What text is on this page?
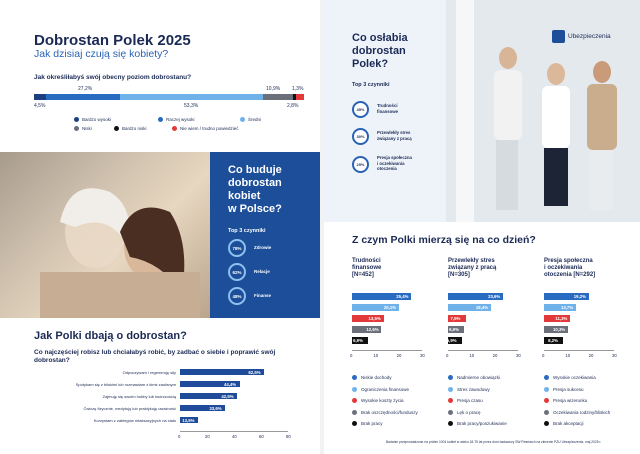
Dobrostan Polek 2025
Jak dzisiaj czują się kobiety?
Jak określiłabyś swój obecny poziom dobrostanu?
27,2%	10,9% 1,3%
4,5%	53,3%	2,8%
Bardzo wysoki	Raczej wysoki	Średni
Niski	Bardzo niski	Nie wiem / trudno powiedzieć
Co buduje
dobrostan
kobiet
w Polsce?
Top 3 czynniki
78%	Zdrowie
62%	Relacje
48%	Finanse
Jak Polki dbają o dobrostan?
Co najczęściej robisz lub chciałabyś robić, by zadbać o siebie i poprawić swój dobrostan?
Odpoczywam i regeneruję siły	62,5%
Spotykam się z bliskimi lub rozmawiam z kimś zaufanym	44,4%
Zajmuję się swoim hobby lub twórczością	42,5%
Ćwiczę fizycznie, medytuję lub praktykuję uważność	33,6%
Korzystam z zabiegów relaksacyjnych na ciało 13,5%
0	20	40	60	80
Ubezpieczenia
Co osłabia
dobrostan
Polek?
Top 3 czynniki
45%
Trudności
finansowe
30%
Przewlekły stres
związany z pracą
29%
Presja społeczna
i oczekiwania
otoczenia
Z czym Polki mierzą się na co dzień?
Trudności
finansowe
[N=452]
Przewlekły stres
związany z pracą
[N=305]
Presja społeczna
i oczekiwania
otoczenia [N=292]
25,4%
20,1%
13,5%
12,6%
6,9%
0	10	20	30
23,6%
18,4%
7,5%
6,9%
5,9%
0	10	20	30
19,2%
13,7%
11,3%
10,3%
8,2%
0	10	20	30
Niskie dochody
Ograniczenia finansowe
Wysokie koszty życia
Brak oszczędności/funduszy
Brak pracy
Nadmierne obowiązki
Stres zawodowy
Presja czasu
Lęk o pracę
Brak pracy/poszukiwanie
Wysokie oczekiwania
Presja sukcesu
Presja wizerunku
Oczekiwania rodziny/bliskich
Brak akceptacji
Badanie przeprowadzone na próbie 1004 kobiet w wieku 18-75 lat przez dom badawczy SW Research na zlecenie PZU Ubezpieczenia, maj 2025 r.
